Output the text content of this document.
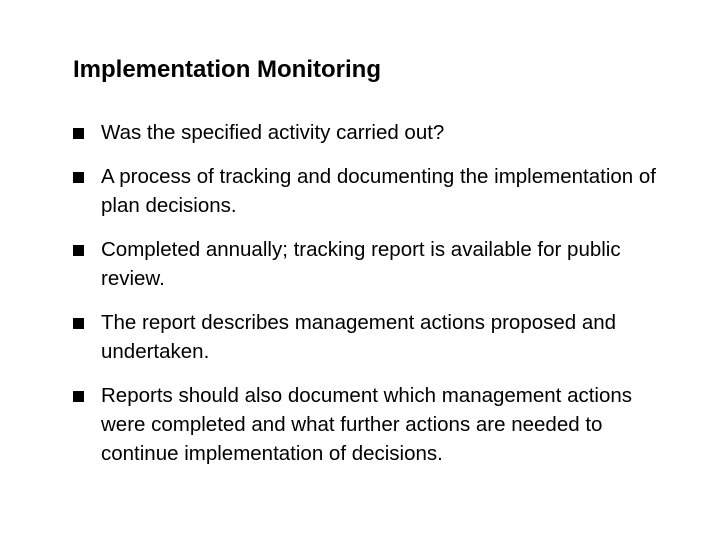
Implementation Monitoring
Was the specified activity carried out?
A process of tracking and documenting the implementation of plan decisions.
Completed annually; tracking report is available for public review.
The report describes management actions proposed and undertaken.
Reports should also document which management actions were completed and what further actions are needed to continue implementation of decisions.
